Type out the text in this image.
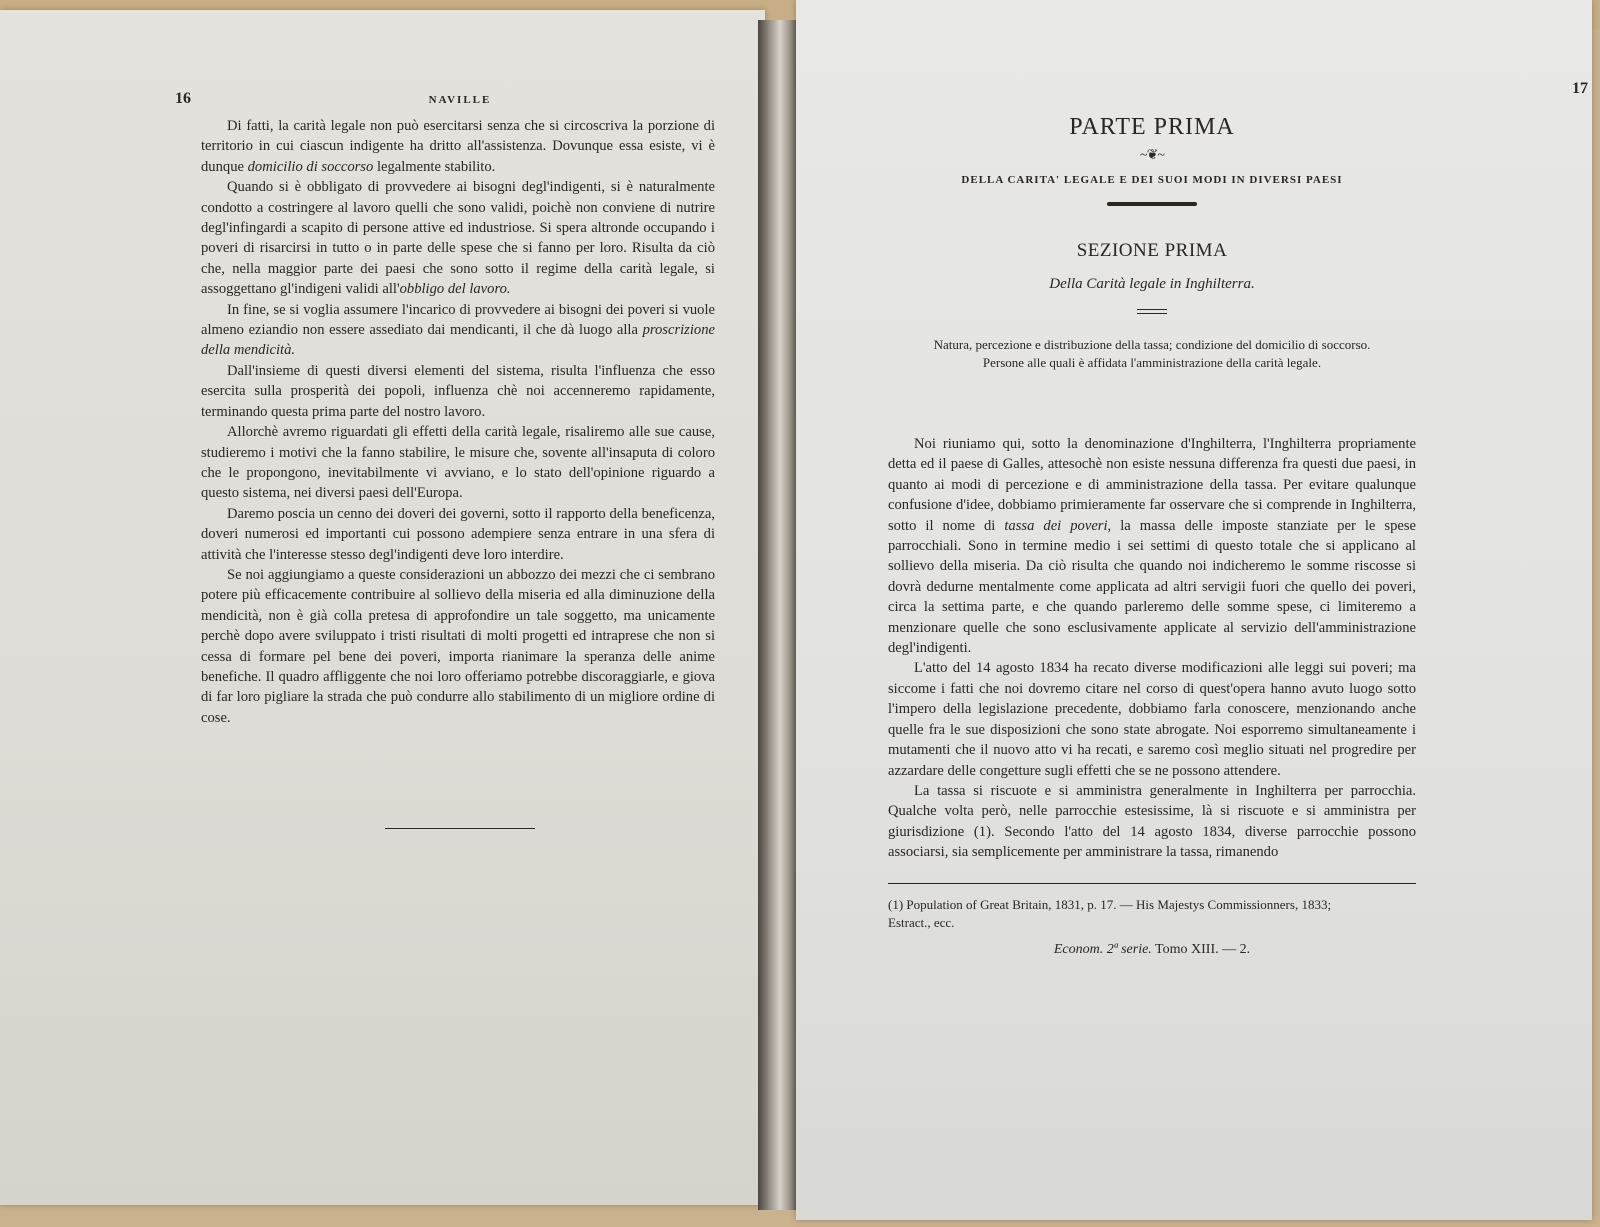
16	NAVILLE

Di fatti, la carità legale non può esercitarsi senza che si circoscriva la porzione di territorio in cui ciascun indigente ha dritto all'assistenza. Dovunque essa esiste, vi è dunque domicilio di soccorso legalmente stabilito.

Quando si è obbligato di provvedere ai bisogni degl'indigenti, si è naturalmente condotto a costringere al lavoro quelli che sono validi, poichè non conviene di nutrire degl'infingardi a scapito di persone attive ed industriose. Si spera altronde occupando i poveri di risarcirsi in tutto o in parte delle spese che si fanno per loro. Risulta da ciò che, nella maggior parte dei paesi che sono sotto il regime della carità legale, si assoggettano gl'indigeni validi all'obbligo del lavoro.

In fine, se si voglia assumere l'incarico di provvedere ai bisogni dei poveri si vuole almeno eziandio non essere assediato dai mendicanti, il che dà luogo alla proscrizione della mendicità.

Dall'insieme di questi diversi elementi del sistema, risulta l'influenza che esso esercita sulla prosperità dei popoli, influenza chè noi accenneremo rapidamente, terminando questa prima parte del nostro lavoro.

Allorchè avremo riguardati gli effetti della carità legale, risaliremo alle sue cause, studieremo i motivi che la fanno stabilire, le misure che, sovente all'insaputa di coloro che le propongono, inevitabilmente vi avviano, e lo stato dell'opinione riguardo a questo sistema, nei diversi paesi dell'Europa.

Daremo poscia un cenno dei doveri dei governi, sotto il rapporto della beneficenza, doveri numerosi ed importanti cui possono adempiere senza entrare in una sfera di attività che l'interesse stesso degl'indigenti deve loro interdire.

Se noi aggiungiamo a queste considerazioni un abbozzo dei mezzi che ci sembrano potere più efficacemente contribuire al sollievo della miseria ed alla diminuzione della mendicità, non è già colla pretesa di approfondire un tale soggetto, ma unicamente perchè dopo avere sviluppato i tristi risultati di molti progetti ed intraprese che non si cessa di formare pel bene dei poveri, importa rianimare la speranza delle anime benefiche. Il quadro affliggente che noi loro offeriamo potrebbe discoraggiarle, e giova di far loro pigliare la strada che può condurre allo stabilimento di un migliore ordine di cose.

17
PARTE PRIMA
~❦~
DELLA CARITA' LEGALE E DEI SUOI MODI IN DIVERSI PAESI
SEZIONE PRIMA
Della Carità legale in Inghilterra.
Natura, percezione e distribuzione della tassa; condizione del domicilio di soccorso.
Persone alle quali è affidata l'amministrazione della carità legale.

Noi riuniamo qui, sotto la denominazione d'Inghilterra, l'Inghilterra propriamente detta ed il paese di Galles, attesochè non esiste nessuna differenza fra questi due paesi, in quanto ai modi di percezione e di amministrazione della tassa. Per evitare qualunque confusione d'idee, dobbiamo primieramente far osservare che si comprende in Inghilterra, sotto il nome di tassa dei poveri, la massa delle imposte stanziate per le spese parrocchiali. Sono in termine medio i sei settimi di questo totale che si applicano al sollievo della miseria. Da ciò risulta che quando noi indicheremo le somme riscosse si dovrà dedurne mentalmente come applicata ad altri servigii fuori che quello dei poveri, circa la settima parte, e che quando parleremo delle somme spese, ci limiteremo a menzionare quelle che sono esclusivamente applicate al servizio dell'amministrazione degl'indigenti.

L'atto del 14 agosto 1834 ha recato diverse modificazioni alle leggi sui poveri; ma siccome i fatti che noi dovremo citare nel corso di quest'opera hanno avuto luogo sotto l'impero della legislazione precedente, dobbiamo farla conoscere, menzionando anche quelle fra le sue disposizioni che sono state abrogate. Noi esporremo simultaneamente i mutamenti che il nuovo atto vi ha recati, e saremo così meglio situati nel progredire per azzardare delle congetture sugli effetti che se ne possono attendere.

La tassa si riscuote e si amministra generalmente in Inghilterra per parrocchia. Qualche volta però, nelle parrocchie estesissime, là si riscuote e si amministra per giurisdizione (1). Secondo l'atto del 14 agosto 1834, diverse parrocchie possono associarsi, sia semplicemente per amministrare la tassa, rimanendo

(1) Population of Great Britain, 1831, p. 17. — His Majestys Commissionners, 1833;
Estract., ecc.
Econom. 2ª serie. Tomo XIII. — 2.
